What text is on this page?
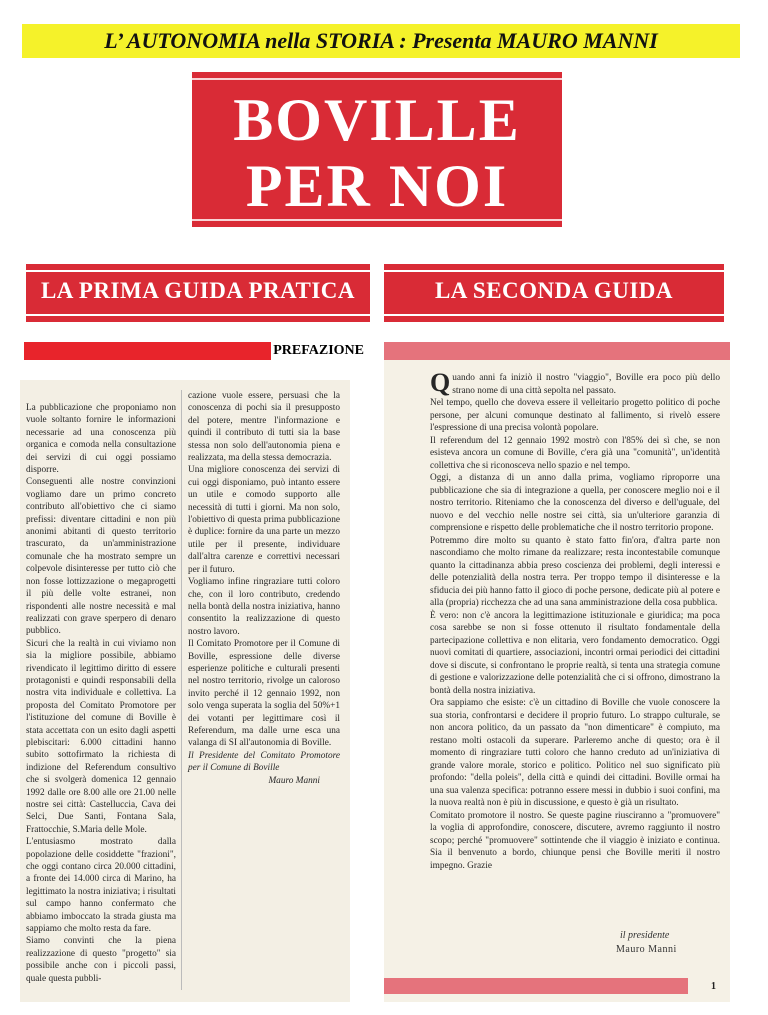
L’ AUTONOMIA nella STORIA : Presenta MAURO MANNI
BOVILLE
PER NOI
LA PRIMA GUIDA PRATICA	LA SECONDA GUIDA
PREFAZIONE

La pubblicazione che proponiamo non vuole soltanto fornire le informazioni necessarie ad una conoscenza più organica e comoda nella consultazione dei servizi di cui oggi possiamo disporre.

Conseguenti alle nostre convinzioni vogliamo dare un primo concreto contributo all'obiettivo che ci siamo prefissi: diventare cittadini e non più anonimi abitanti di questo territorio trascurato, da un'amministrazione comunale che ha mostrato sempre un colpevole disinteresse per tutto ciò che non fosse lottizzazione o megaprogetti il più delle volte estranei, non rispondenti alle nostre necessità e mal realizzati con grave sperpero di denaro pubblico.

Sicuri che la realtà in cui viviamo non sia la migliore possibile, abbiamo rivendicato il legittimo diritto di essere protagonisti e quindi responsabili della nostra vita individuale e collettiva. La proposta del Comitato Promotore per l'istituzione del comune di Boville è stata accettata con un esito dagli aspetti plebiscitari: 6.000 cittadini hanno subito sottofirmato la richiesta di indizione del Referendum consultivo che si svolgerà domenica 12 gennaio 1992 dalle ore 8.00 alle ore 21.00 nelle nostre sei città: Castelluccia, Cava dei Selci, Due Santi, Fontana Sala, Frattocchie, S.Maria delle Mole.

L'entusiasmo mostrato dalla popolazione delle cosiddette "frazioni", che oggi contano circa 20.000 cittadini, a fronte dei 14.000 circa di Marino, ha legittimato la nostra iniziativa; i risultati sul campo hanno confermato che abbiamo imboccato la strada giusta ma sappiamo che molto resta da fare.

Siamo convinti che la piena realizzazione di questo "progetto" sia possibile anche con i piccoli passi, quale questa pubbli-

cazione vuole essere, persuasi che la conoscenza di pochi sia il presupposto del potere, mentre l'informazione e quindi il contributo di tutti sia la base stessa non solo dell'autonomia piena e realizzata, ma della stessa democrazia.

Una migliore conoscenza dei servizi di cui oggi disponiamo, può intanto essere un utile e comodo supporto alle necessità di tutti i giorni. Ma non solo, l'obiettivo di questa prima pubblicazione è duplice: fornire da una parte un mezzo utile per il presente, individuare dall'altra carenze e correttivi necessari per il futuro.

Vogliamo infine ringraziare tutti coloro che, con il loro contributo, credendo nella bontà della nostra iniziativa, hanno consentito la realizzazione di questo nostro lavoro.

Il Comitato Promotore per il Comune di Boville, espressione delle diverse esperienze politiche e culturali presenti nel nostro territorio, rivolge un caloroso invito perché il 12 gennaio 1992, non solo venga superata la soglia del 50%+1 dei votanti per legittimare così il Referendum, ma dalle urne esca una valanga di SI all'autonomia di Boville.

Il Presidente del Comitato Promotore per il Comune di Boville

Mauro Manni

Quando anni fa iniziò il nostro "viaggio", Boville era poco più dello strano nome di una città sepolta nel passato.

Nel tempo, quello che doveva essere il velleitario progetto politico di poche persone, per alcuni comunque destinato al fallimento, si rivelò essere l'espressione di una precisa volontà popolare.

Il referendum del 12 gennaio 1992 mostrò con l'85% dei sì che, se non esisteva ancora un comune di Boville, c'era già una "comunità", un'identità collettiva che si riconosceva nello spazio e nel tempo.

Oggi, a distanza di un anno dalla prima, vogliamo riproporre una pubblicazione che sia di integrazione a quella, per conoscere meglio noi e il nostro territorio. Riteniamo che la conoscenza del diverso e dell'uguale, del nuovo e del vecchio nelle nostre sei città, sia un'ulteriore garanzia di comprensione e rispetto delle problematiche che il nostro territorio propone.

Potremmo dire molto su quanto è stato fatto fin'ora, d'altra parte non nascondiamo che molto rimane da realizzare; resta incontestabile comunque quanto la cittadinanza abbia preso coscienza dei problemi, degli interessi e delle potenzialità della nostra terra. Per troppo tempo il disinteresse e la sfiducia dei più hanno fatto il gioco di poche persone, dedicate più al potere e alla (propria) ricchezza che ad una sana amministrazione della cosa pubblica.

È vero: non c'è ancora la legittimazione istituzionale e giuridica; ma poca cosa sarebbe se non si fosse ottenuto il risultato fondamentale della partecipazione collettiva e non elitaria, vero fondamento democratico. Oggi nuovi comitati di quartiere, associazioni, incontri ormai periodici dei cittadini dove si discute, si confrontano le proprie realtà, si tenta una strategia comune di gestione e valorizzazione delle potenzialità che ci si offrono, dimostrano la bontà della nostra iniziativa.

Ora sappiamo che esiste: c'è un cittadino di Boville che vuole conoscere la sua storia, confrontarsi e decidere il proprio futuro. Lo strappo culturale, se non ancora politico, da un passato da "non dimenticare" è compiuto, ma restano molti ostacoli da superare. Parleremo anche di questo; ora è il momento di ringraziare tutti coloro che hanno creduto ad un'iniziativa di grande valore morale, storico e politico. Politico nel suo significato più profondo: "della poleis", della città e quindi dei cittadini. Boville ormai ha una sua valenza specifica: potranno essere messi in dubbio i suoi confini, ma la nuova realtà non è più in discussione, e questo è già un risultato.

Comitato promotore il nostro. Se queste pagine riusciranno a "promuovere" la voglia di approfondire, conoscere, discutere, avremo raggiunto il nostro scopo; perché "promuovere" sottintende che il viaggio è iniziato e continua. Sia il benvenuto a bordo, chiunque pensi che Boville meriti il nostro impegno. Grazie

il presidente
Mauro Manni
1
